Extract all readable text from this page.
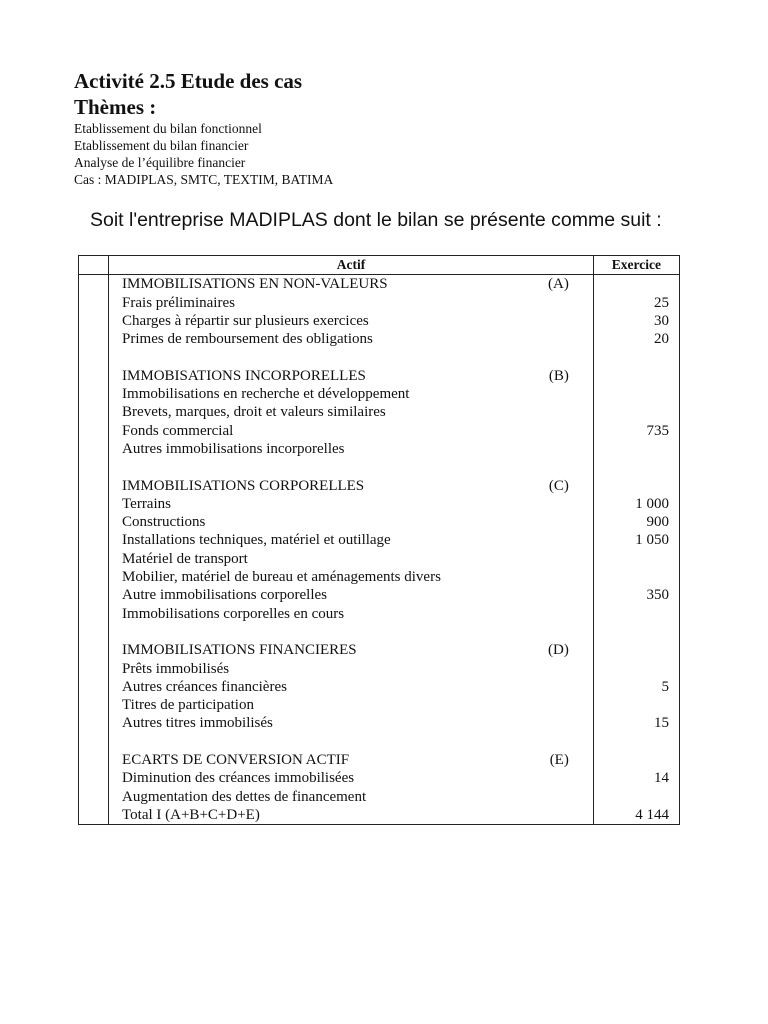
Activité 2.5 Etude des cas
Thèmes :
Etablissement du bilan fonctionnel
Etablissement du bilan financier
Analyse de l’équilibre financier
Cas : MADIPLAS, SMTC, TEXTIM, BATIMA

Soit l'entreprise MADIPLAS dont le bilan se présente comme suit :

	Actif	Exercice

	IMMOBILISATIONS EN NON-VALEURS (A)	

	Frais préliminaires	25

	Charges à répartir sur plusieurs exercices	30

	Primes de remboursement des obligations	20

	IMMOBISATIONS INCORPORELLES (B)	

	Immobilisations en recherche et développement	

	Brevets, marques, droit et valeurs similaires	

	Fonds commercial	735

	Autres immobilisations incorporelles	

	IMMOBILISATIONS CORPORELLES (C)	

	Terrains	1 000

	Constructions	900

	Installations techniques, matériel et outillage	1 050

	Matériel de transport	

	Mobilier, matériel de bureau et aménagements divers	

	Autre immobilisations corporelles	350

	Immobilisations corporelles en cours	

	IMMOBILISATIONS FINANCIERES (D)	

	Prêts immobilisés	

	Autres créances financières	5

	Titres de participation	

	Autres titres immobilisés	15

	ECARTS DE CONVERSION ACTIF (E)	

	Diminution des créances immobilisées	14

	Augmentation des dettes de financement	

	Total I (A+B+C+D+E)	4 144
